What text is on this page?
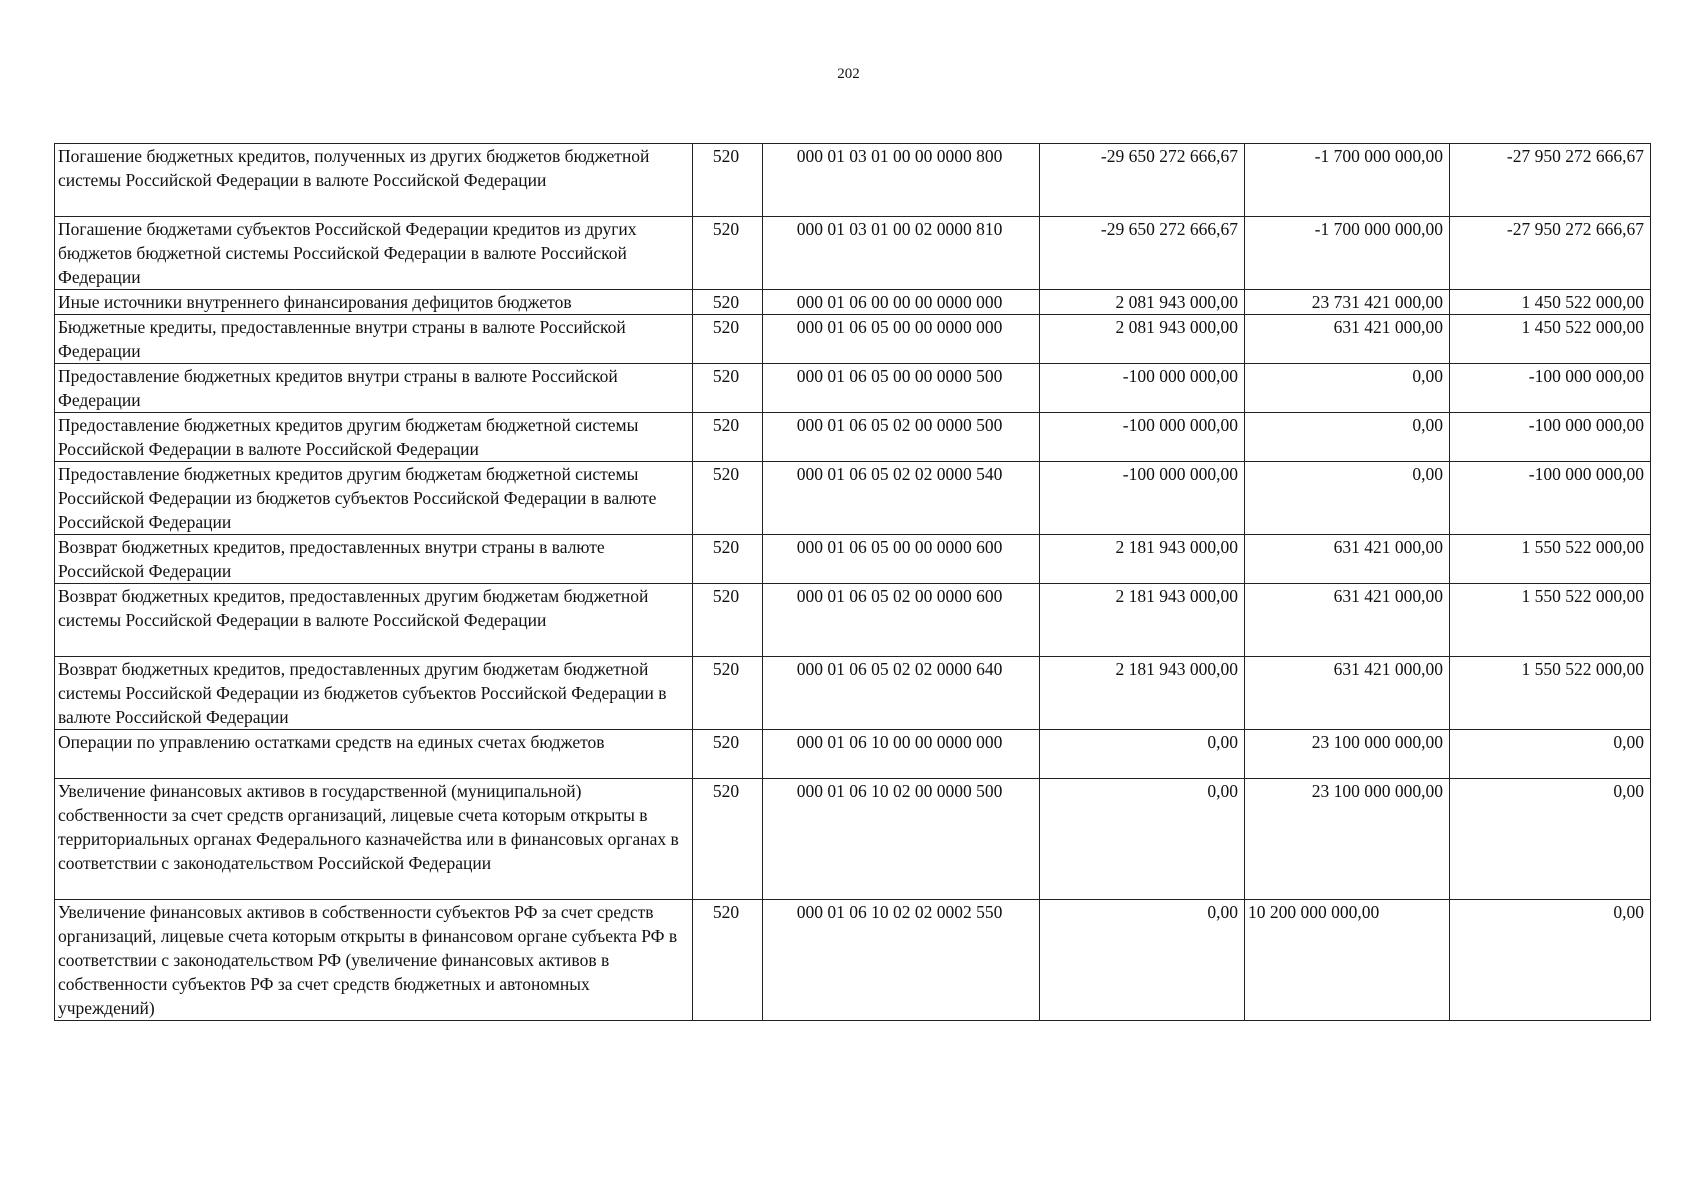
202
Погашение бюджетных кредитов, полученных из других бюджетов бюджетной системы Российской Федерации в валюте Российской Федерации	520	000 01 03 01 00 00 0000 800	-29 650 272 666,67	-1 700 000 000,00	-27 950 272 666,67
Погашение бюджетами субъектов Российской Федерации кредитов из других бюджетов бюджетной системы Российской Федерации в валюте Российской Федерации	520	000 01 03 01 00 02 0000 810	-29 650 272 666,67	-1 700 000 000,00	-27 950 272 666,67
Иные источники внутреннего финансирования дефицитов бюджетов	520	000 01 06 00 00 00 0000 000	2 081 943 000,00	23 731 421 000,00	1 450 522 000,00
Бюджетные кредиты, предоставленные внутри страны в валюте Российской Федерации	520	000 01 06 05 00 00 0000 000	2 081 943 000,00	631 421 000,00	1 450 522 000,00
Предоставление бюджетных кредитов внутри страны в валюте Российской Федерации	520	000 01 06 05 00 00 0000 500	-100 000 000,00	0,00	-100 000 000,00
Предоставление бюджетных кредитов другим бюджетам бюджетной системы Российской Федерации в валюте Российской Федерации	520	000 01 06 05 02 00 0000 500	-100 000 000,00	0,00	-100 000 000,00
Предоставление бюджетных кредитов другим бюджетам бюджетной системы Российской Федерации из бюджетов субъектов Российской Федерации в валюте Российской Федерации	520	000 01 06 05 02 02 0000 540	-100 000 000,00	0,00	-100 000 000,00
Возврат бюджетных кредитов, предоставленных внутри страны в валюте Российской Федерации	520	000 01 06 05 00 00 0000 600	2 181 943 000,00	631 421 000,00	1 550 522 000,00
Возврат бюджетных кредитов, предоставленных другим бюджетам бюджетной системы Российской Федерации в валюте Российской Федерации	520	000 01 06 05 02 00 0000 600	2 181 943 000,00	631 421 000,00	1 550 522 000,00
Возврат бюджетных кредитов, предоставленных другим бюджетам бюджетной системы Российской Федерации из бюджетов субъектов Российской Федерации в валюте Российской Федерации	520	000 01 06 05 02 02 0000 640	2 181 943 000,00	631 421 000,00	1 550 522 000,00
Операции по управлению остатками средств на единых счетах бюджетов	520	000 01 06 10 00 00 0000 000	0,00	23 100 000 000,00	0,00
Увеличение финансовых активов в государственной (муниципальной) собственности за счет средств организаций, лицевые счета которым открыты в территориальных органах Федерального казначейства или в финансовых органах в соответствии с законодательством Российской Федерации	520	000 01 06 10 02 00 0000 500	0,00	23 100 000 000,00	0,00
Увеличение финансовых активов в собственности субъектов РФ за счет средств организаций, лицевые счета которым открыты в финансовом органе субъекта РФ в соответствии с законодательством РФ (увеличение финансовых активов в собственности субъектов РФ за счет средств бюджетных и автономных учреждений)	520	000 01 06 10 02 02 0002 550	0,00	10 200 000 000,00	0,00
